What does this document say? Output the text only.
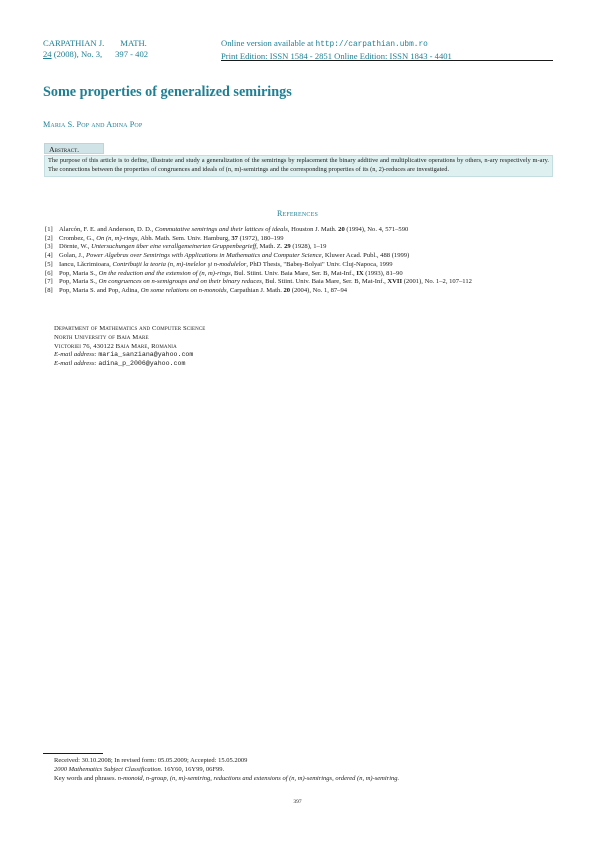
CARPATHIAN J. MATH.
24 (2008), No. 3, 397 - 402
Online version available at http://carpathian.ubm.ro
Print Edition: ISSN 1584 - 2851 Online Edition: ISSN 1843 - 4401
Some properties of generalized semirings
Maria S. Pop and Adina Pop
Abstract.
The purpose of this article is to define, illustrate and study a generalization of the semirings by replacement the binary additive and multiplicative operations by others, n-ary respectively m-ary. The connections between the properties of congruences and ideals of (n, m)-semirings and the corresponding properties of its (n, 2)-reduces are investigated.
References
[1] Alarcón, F. E. and Anderson, D. D., Commutative semirings and their lattices of ideals, Houston J. Math. 20 (1994), No. 4, 571–590
[2] Crombez, G., On (n, m)-rings, Abh. Math. Sem. Univ. Hamburg, 37 (1972), 180–199
[3] Dörnte, W., Untersuchungen über eine verallgemeinerten Gruppenbegrieff, Math. Z. 29 (1928), 1–19
[4] Golan, J., Power Algebras over Semirings with Applications in Mathematics and Computer Science, Kluwer Acad. Publ., 488 (1999)
[5] Iancu, Lăcrimioara, Contribuţii la teoria (n, m)-inelelor şi n-modulelor, PhD Thesis, "Babeş-Bolyai" Univ. Cluj-Napoca, 1999
[6] Pop, Maria S., On the reduction and the extension of (n, m)-rings, Bul. Stiint. Univ. Baia Mare, Ser. B, Mat-Inf., IX (1993), 81–90
[7] Pop, Maria S., On congruences on n-semigroups and on their binary reduces, Bul. Stiint. Univ. Baia Mare, Ser. B, Mat-Inf., XVII (2001), No. 1–2, 107–112
[8] Pop, Maria S. and Pop, Adina, On some relations on n-monoids, Carpathian J. Math. 20 (2004), No. 1, 87–94
Department of Mathematics and Computer Science
North University of Baia Mare
Victoriei 76, 430122 Baia Mare, Romania
E-mail address: maria_sanziana@yahoo.com
E-mail address: adina_p_2006@yahoo.com
Received: 30.10.2008; In revised form: 05.05.2009; Accepted: 15.05.2009
2000 Mathematics Subject Classification. 16Y60, 16Y99, 06F99.
Key words and phrases. n-monoid, n-group, (n, m)-semiring, reductions and extensions of (n, m)-semirings, ordered (n, m)-semiring.
397
